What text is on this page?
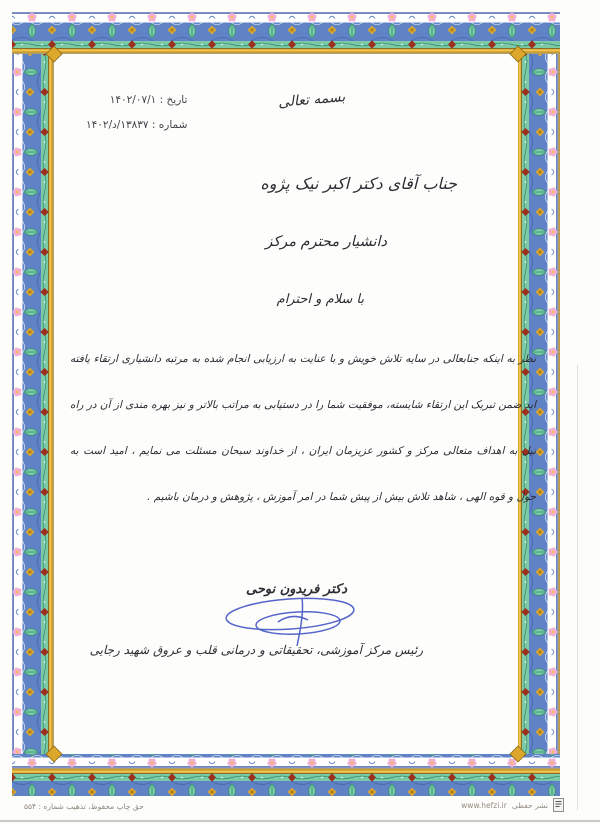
تاریخ : ۱۴۰۲/۰۷/۱
شماره : ۱۳۸۳۷/د/۱۴۰۲
بسمه تعالی
جناب آقای دکتر اکبر نیک پژوه
دانشیار محترم مرکز
با سلام و احترام
نظر به اینکه جنابعالی در سایه تلاش خویش و با عنایت به ارزیابی انجام شده به مرتبه دانشیاری ارتقاء یافته اید ضمن تبریک این ارتقاء شایسته، موفقیت شما را در دستیابی به مراتب بالاتر و نیز بهره مندی از آن در راه نیل به اهداف متعالی مرکز و کشور عزیزمان ایران ، از خداوند سبحان مسئلت می نمایم ، امید است به حول و قوه الهی ، شاهد تلاش بیش از پیش شما در امر آموزش ، پژوهش و درمان باشیم .
دکتر فریدون نوحی
رئیس مرکز آموزشی، تحقیقاتی و درمانی قلب و عروق شهید رجایی
حق چاپ محفوظ، تذهیب شماره : ۵۵۴	www.hefzi.ir نشر حفظی
